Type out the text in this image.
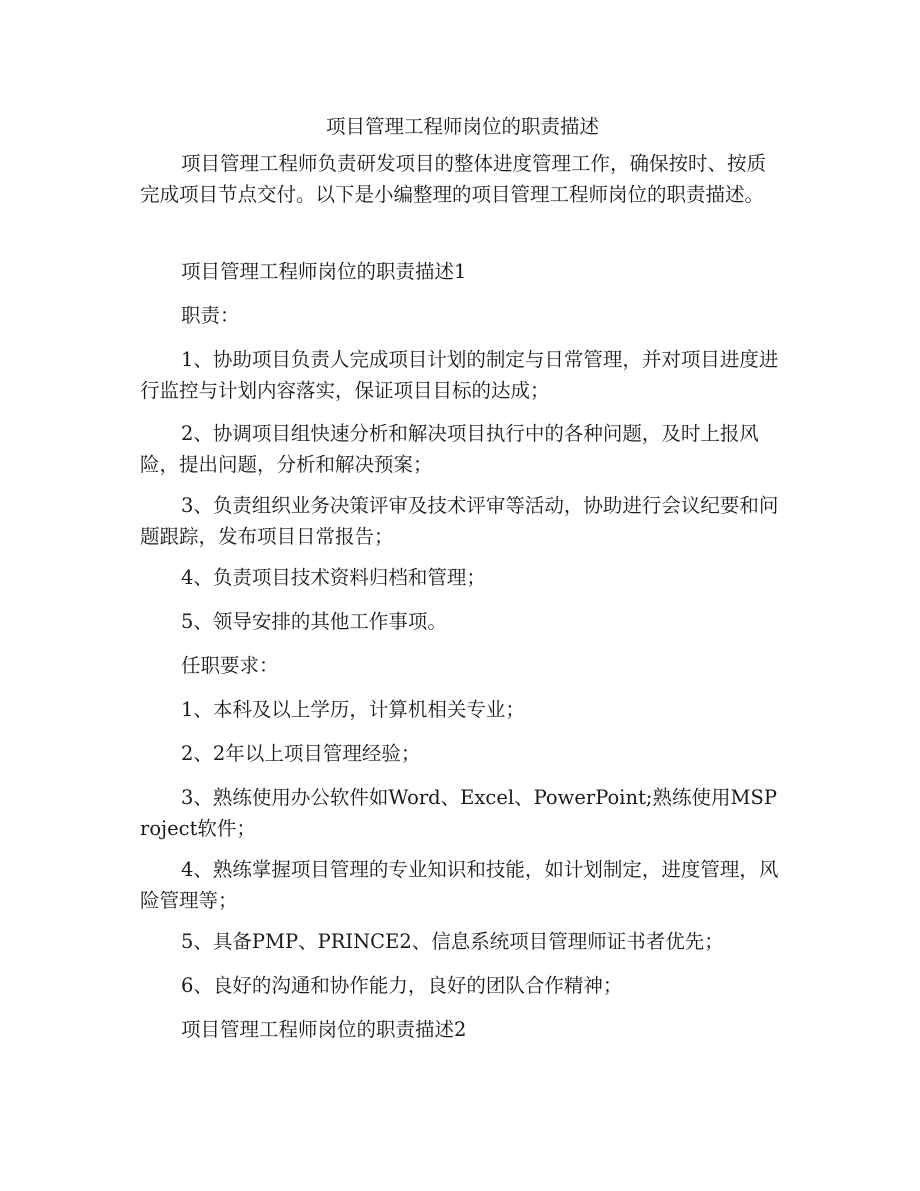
项目管理工程师岗位的职责描述
项目管理工程师负责研发项目的整体进度管理工作，确保按时、按质完成项目节点交付。以下是小编整理的项目管理工程师岗位的职责描述。
项目管理工程师岗位的职责描述1
职责：
1、协助项目负责人完成项目计划的制定与日常管理，并对项目进度进行监控与计划内容落实，保证项目目标的达成；
2、协调项目组快速分析和解决项目执行中的各种问题，及时上报风险，提出问题，分析和解决预案；
3、负责组织业务决策评审及技术评审等活动，协助进行会议纪要和问题跟踪，发布项目日常报告；
4、负责项目技术资料归档和管理；
5、领导安排的其他工作事项。
任职要求：
1、本科及以上学历，计算机相关专业；
2、2年以上项目管理经验；
3、熟练使用办公软件如Word、Excel、PowerPoint;熟练使用MSProject软件；
4、熟练掌握项目管理的专业知识和技能，如计划制定，进度管理，风险管理等；
5、具备PMP、PRINCE2、信息系统项目管理师证书者优先；
6、良好的沟通和协作能力，良好的团队合作精神；
项目管理工程师岗位的职责描述2
